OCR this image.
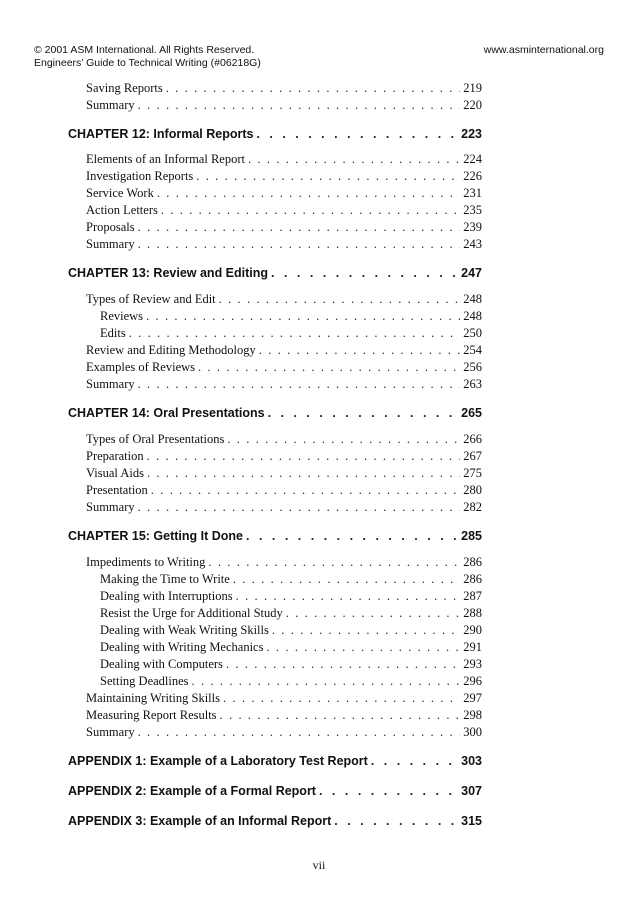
© 2001 ASM International. All Rights Reserved.	www.asminternational.org
Engineers’ Guide to Technical Writing (#06218G)
Saving Reports . . .	219
Summary . . .	220
CHAPTER 12: Informal Reports . . .	223
Elements of an Informal Report . . .	224
Investigation Reports . . .	226
Service Work . . .	231
Action Letters . . .	235
Proposals . . .	239
Summary . . .	243
CHAPTER 13: Review and Editing . . .	247
Types of Review and Edit . . .	248
Reviews . . .	248
Edits . . .	250
Review and Editing Methodology . . .	254
Examples of Reviews . . .	256
Summary . . .	263
CHAPTER 14: Oral Presentations . . .	265
Types of Oral Presentations . . .	266
Preparation . . .	267
Visual Aids . . .	275
Presentation . . .	280
Summary . . .	282
CHAPTER 15: Getting It Done . . .	285
Impediments to Writing . . .	286
Making the Time to Write . . .	286
Dealing with Interruptions . . .	287
Resist the Urge for Additional Study . . .	288
Dealing with Weak Writing Skills . . .	290
Dealing with Writing Mechanics . . .	291
Dealing with Computers . . .	293
Setting Deadlines . . .	296
Maintaining Writing Skills . . .	297
Measuring Report Results . . .	298
Summary . . .	300
APPENDIX 1: Example of a Laboratory Test Report . . .	303
APPENDIX 2: Example of a Formal Report . . .	307
APPENDIX 3: Example of an Informal Report . . .	315
vii
